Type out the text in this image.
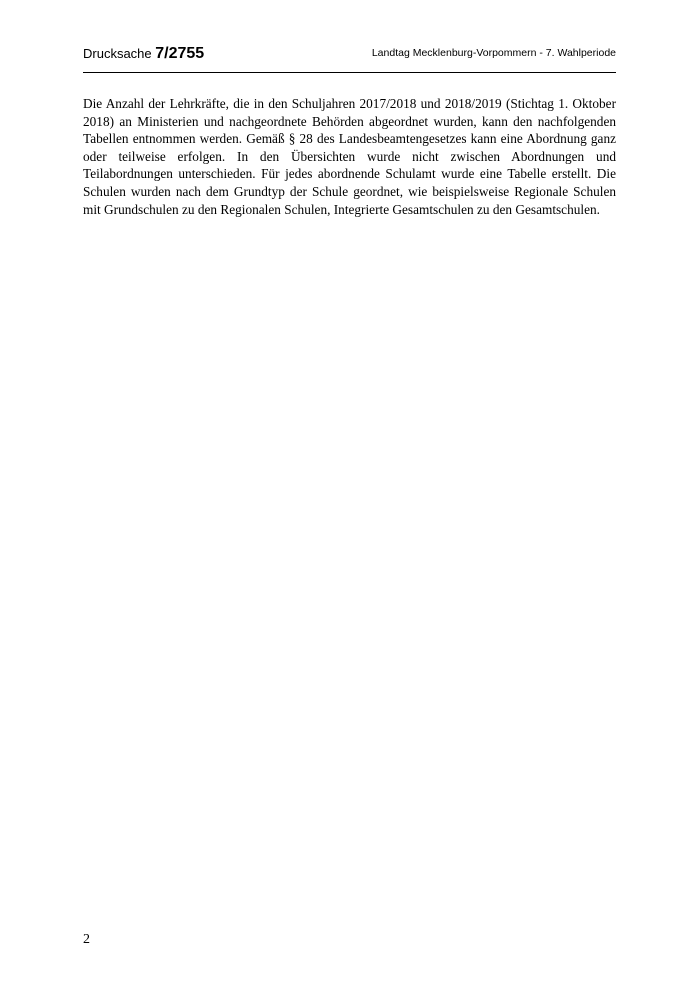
Drucksache 7/2755	Landtag Mecklenburg-Vorpommern - 7. Wahlperiode

Die Anzahl der Lehrkräfte, die in den Schuljahren 2017/2018 und 2018/2019 (Stichtag 1. Oktober 2018) an Ministerien und nachgeordnete Behörden abgeordnet wurden, kann den nachfolgenden Tabellen entnommen werden. Gemäß § 28 des Landesbeamtengesetzes kann eine Abordnung ganz oder teilweise erfolgen. In den Übersichten wurde nicht zwischen Abordnungen und Teilabordnungen unterschieden. Für jedes abordnende Schulamt wurde eine Tabelle erstellt. Die Schulen wurden nach dem Grundtyp der Schule geordnet, wie beispielsweise Regionale Schulen mit Grundschulen zu den Regionalen Schulen, Integrierte Gesamtschulen zu den Gesamtschulen.

2
